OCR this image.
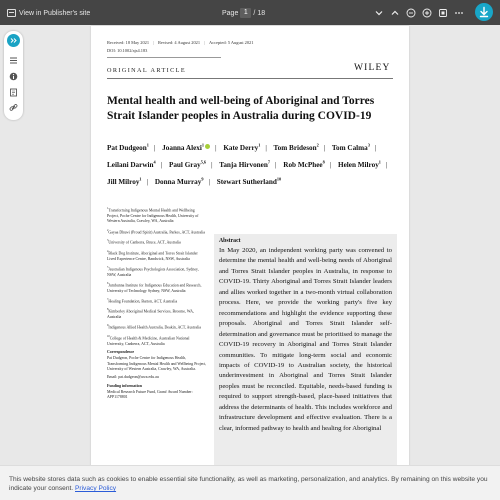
View in Publisher's site	Page 1 / 18
Received: 18 May 2021 | Revised: 4 August 2021 | Accepted: 5 August 2021
DOI: 10.1002/ajs4.183
ORIGINAL ARTICLE	WILEY
Mental health and well-being of Aboriginal and Torres Strait Islander peoples in Australia during COVID-19
Pat Dudgeon$^1$ | Joanna Alexi$^1$ | Kate Derry$^1$ | Tom Brideson$^2$ | Tom Calma$^3$ | Leilani Darwin$^4$ | Paul Gray$^{5,6}$ | Tanja Hirvonen$^7$ | Rob McPhee$^8$ | Helen Milroy$^1$ | Jill Milroy$^1$ | Donna Murray$^9$ | Stewart Sutherland$^{10}$

$^1$Transforming Indigenous Mental Health and Wellbeing Project, Poche Centre for Indigenous Health, University of Western Australia, Crawley, WA, Australia

$^2$Gayaa Dhuwi (Proud Spirit) Australia, Parkes, ACT, Australia

$^3$University of Canberra, Bruce, ACT, Australia

$^4$Black Dog Institute, Aboriginal and Torres Strait Islander Lived Experience Centre, Randwick, NSW, Australia

$^5$Australian Indigenous Psychologists Association, Sydney, NSW, Australia

$^6$Jumbunna Institute for Indigenous Education and Research, University of Technology Sydney, NSW, Australia

$^7$Healing Foundation, Barton, ACT, Australia

$^8$Kimberley Aboriginal Medical Services, Broome, WA, Australia

$^9$Indigenous Allied Health Australia, Deakin, ACT, Australia

$^{10}$College of Health & Medicine, Australian National University, Canberra, ACT, Australia

Correspondence

Pat Dudgeon, Poche Centre for Indigenous Health, Transforming Indigenous Mental Health and Wellbeing Project, University of Western Australia, Crawley, WA, Australia.

Email: pat.dudgeon@uwa.edu.au

Funding information

Medical Research Future Fund, Grant/ Award Number: APP1178801

Abstract
In May 2020, an independent working party was convened to determine the mental health and well-being needs of Aboriginal and Torres Strait Islander peoples in Australia, in response to COVID-19. Thirty Aboriginal and Torres Strait Islander leaders and allies worked together in a two-month virtual collaboration process. Here, we provide the working party's five key recommendations and highlight the evidence supporting these proposals. Aboriginal and Torres Strait Islander self-determination and governance must be prioritised to manage the COVID-19 recovery in Aboriginal and Torres Strait Islander communities. To mitigate long-term social and economic impacts of COVID-19 to Australian society, the historical underinvestment in Aboriginal and Torres Strait Islander peoples must be reconciled. Equitable, needs-based funding is required to support strength-based, place-based initiatives that address the determinants of health. This includes workforce and infrastructure development and effective evaluation. There is a clear, informed pathway to health and healing for Aboriginal
This website stores data such as cookies to enable essential site functionality, as well as marketing, personalization, and analytics. By remaining on this website you indicate your consent. Privacy Policy
